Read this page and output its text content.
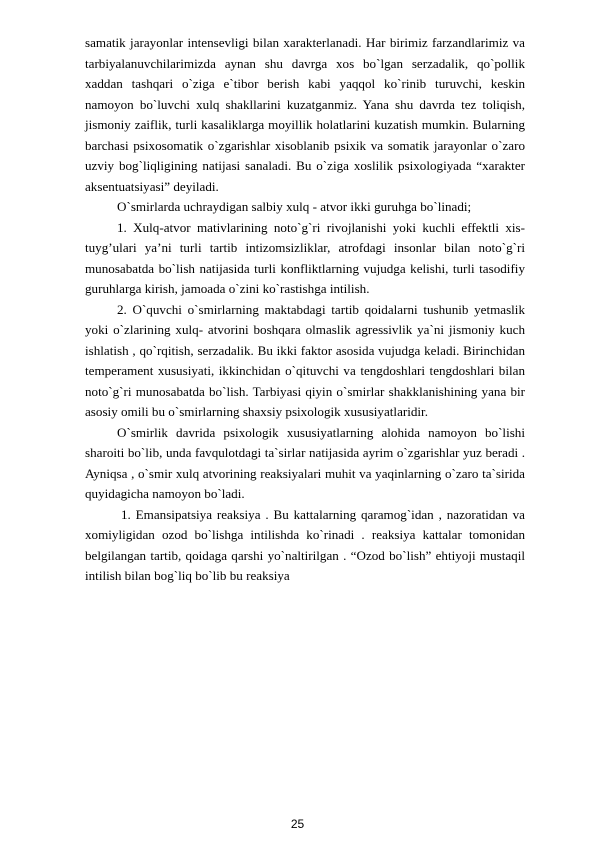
samatik jarayonlar intensevligi bilan xarakterlanadi. Har birimiz farzandlarimiz va tarbiyalanuvchilarimizda aynan shu davrga xos bo`lgan serzadalik, qo`pollik xaddan tashqari o`ziga e`tibor berish kabi yaqqol ko`rinib turuvchi, keskin namoyon bo`luvchi xulq shakllarini kuzatganmiz. Yana shu davrda tez toliqish, jismoniy zaiflik, turli kasaliklarga moyillik holatlarini kuzatish mumkin. Bularning barchasi psixosomatik o`zgarishlar xisoblanib psixik va somatik jarayonlar o`zaro uzviy bog`liqligining natijasi sanaladi. Bu o`ziga xoslilik psixologiyada “xarakter aksentuatsiyasi” deyiladi.

O`smirlarda uchraydigan salbiy xulq - atvor ikki guruhga bo`linadi;

1. Xulq-atvor mativlarining noto`g`ri rivojlanishi yoki kuchli effektli xis- tuyg’ulari ya’ni turli tartib intizomsizliklar, atrofdagi insonlar bilan noto`g`ri munosabatda bo`lish natijasida turli konfliktlarning vujudga kelishi, turli tasodifiy guruhlarga kirish, jamoada o`zini ko`rastishga intilish.

2. O`quvchi o`smirlarning maktabdagi tartib qoidalarni tushunib yetmaslik yoki o`zlarining xulq- atvorini boshqara olmaslik agressivlik ya`ni jismoniy kuch ishlatish , qo`rqitish, serzadalik. Bu ikki faktor asosida vujudga keladi. Birinchidan temperament xususiyati, ikkinchidan o`qituvchi va tengdoshlari tengdoshlari bilan noto`g`ri munosabatda bo`lish. Tarbiyasi qiyin o`smirlar shakklanishining yana bir asosiy omili bu o`smirlarning shaxsiy psixologik xususiyatlaridir.

O`smirlik davrida psixologik xususiyatlarning alohida namoyon bo`lishi sharoiti bo`lib, unda favqulotdagi ta`sirlar natijasida ayrim o`zgarishlar yuz beradi . Ayniqsa , o`smir xulq atvorining reaksiyalari muhit va yaqinlarning o`zaro ta`sirida quyidagicha namoyon bo`ladi.

1. Emansipatsiya reaksiya . Bu kattalarning qaramog`idan , nazoratidan va xomiyligidan ozod bo`lishga intilishda ko`rinadi . reaksiya kattalar tomonidan belgilangan tartib, qoidaga qarshi yo`naltirilgan . “Ozod bo`lish” ehtiyoji mustaqil intilish bilan bog`liq bo`lib bu reaksiya

25
